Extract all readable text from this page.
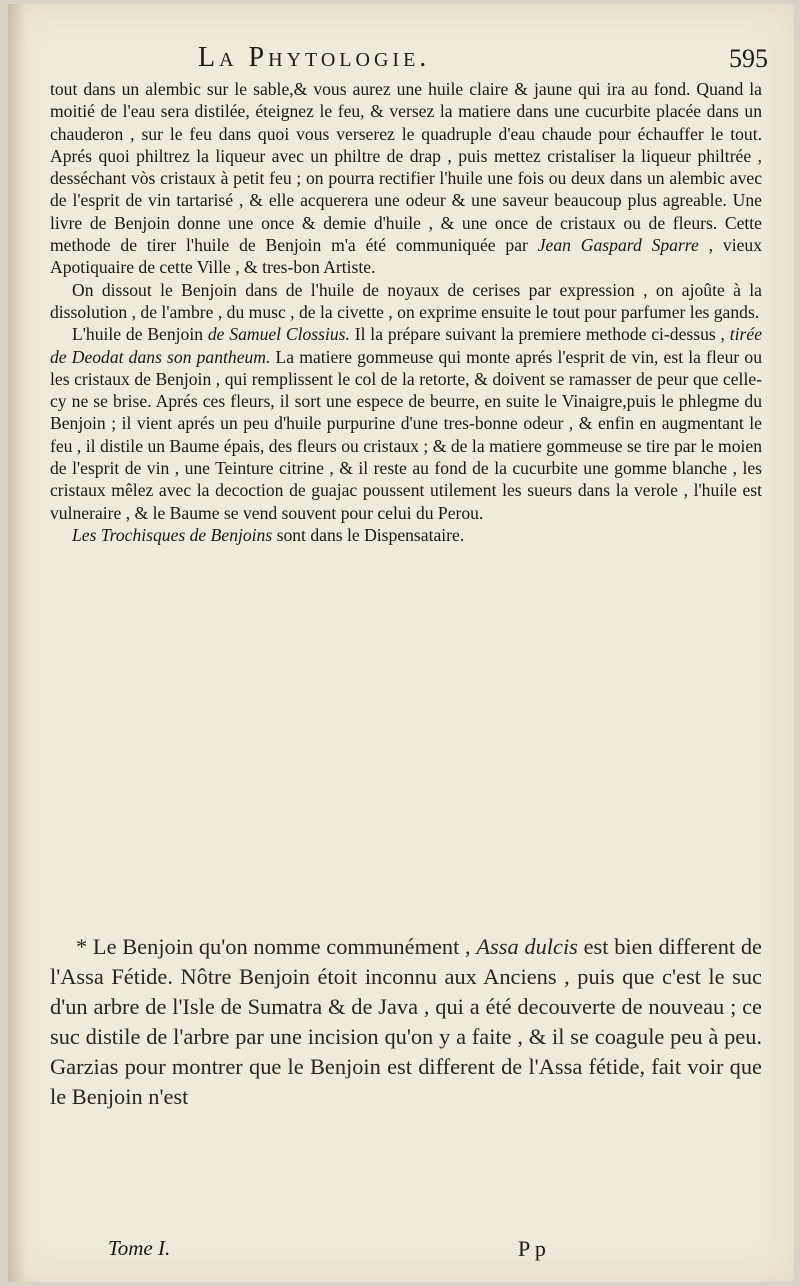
La Phytologie.	595

tout dans un alembic sur le sable,& vous aurez une huile claire & jaune qui ira au fond. Quand la moitié de l'eau sera distilée, éteignez le feu, & versez la matiere dans une cucurbite placée dans un chauderon , sur le feu dans quoi vous verserez le quadruple d'eau chaude pour échauffer le tout. Aprés quoi philtrez la liqueur avec un philtre de drap , puis mettez cristaliser la liqueur philtrée , desséchant vòs cristaux à petit feu ; on pourra rectifier l'huile une fois ou deux dans un alembic avec de l'esprit de vin tartarisé , & elle acquerera une odeur & une saveur beaucoup plus agreable. Une livre de Benjoin donne une once & demie d'huile , & une once de cristaux ou de fleurs. Cette methode de tirer l'huile de Benjoin m'a été communiquée par Jean Gaspard Sparre , vieux Apotiquaire de cette Ville , & tres-bon Artiste.

On dissout le Benjoin dans de l'huile de noyaux de cerises par expression , on ajoûte à la dissolution , de l'ambre , du musc , de la civette , on exprime ensuite le tout pour parfumer les gands.

L'huile de Benjoin de Samuel Clossius. Il la prépare suivant la premiere methode ci-dessus , tirée de Deodat dans son pantheum. La matiere gommeuse qui monte aprés l'esprit de vin, est la fleur ou les cristaux de Benjoin , qui remplissent le col de la retorte, & doivent se ramasser de peur que celle-cy ne se brise. Aprés ces fleurs, il sort une espece de beurre, en suite le Vinaigre,puis le phlegme du Benjoin ; il vient aprés un peu d'huile purpurine d'une tres-bonne odeur , & enfin en augmentant le feu , il distile un Baume épais, des fleurs ou cristaux ; & de la matiere gommeuse se tire par le moien de l'esprit de vin , une Teinture citrine , & il reste au fond de la cucurbite une gomme blanche , les cristaux mêlez avec la decoction de guajac poussent utilement les sueurs dans la verole , l'huile est vulneraire , & le Baume se vend souvent pour celui du Perou.

Les Trochisques de Benjoins sont dans le Dispensataire.

* Le Benjoin qu'on nomme communément , Assa dulcis est bien different de l'Assa Fétide. Nôtre Benjoin étoit inconnu aux Anciens , puis que c'est le suc d'un arbre de l'Isle de Sumatra & de Java , qui a été decouverte de nouveau ; ce suc distile de l'arbre par une incision qu'on y a faite , & il se coagule peu à peu. Garzias pour montrer que le Benjoin est different de l'Assa fétide, fait voir que le Benjoin n'est

Tome I.	P p
